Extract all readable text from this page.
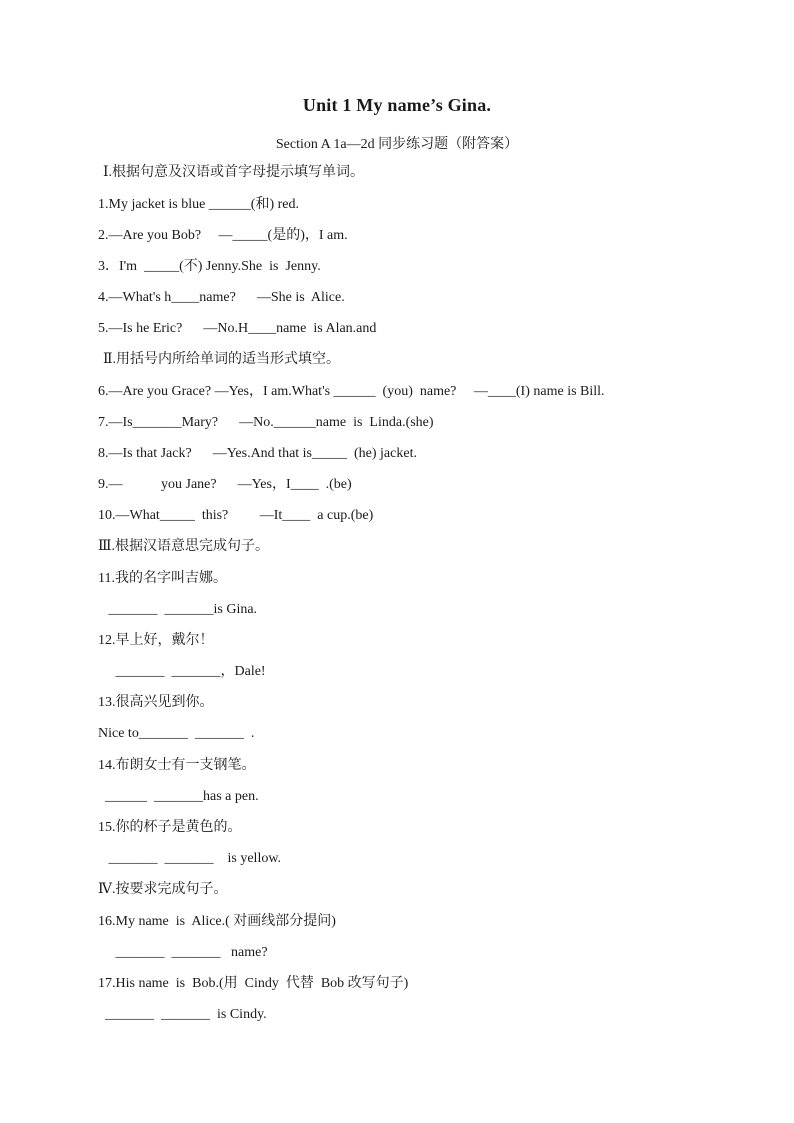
Unit 1 My name’s Gina.
Section A 1a—2d 同步练习题（附答案）
Ⅰ.根据句意及汉语或首字母提示填写单词。
1.My jacket is blue ______(和) red.
2.—Are you Bob?     —_____(是的)，I am.
3．I'm  _____(不) Jenny.She  is  Jenny.
4.—What's h____name?      —She is  Alice.
5.—Is he Eric?      —No.H____name  is Alan.and
Ⅱ.用括号内所给单词的适当形式填空。
6.—Are you Grace? —Yes，I am.What's ______  (you)  name?     —____(I) name is Bill.
7.—Is_______Mary?      —No.______name  is  Linda.(she)
8.—Is that Jack?      —Yes.And that is_____  (he) jacket.
9.—           you Jane?      —Yes，I____  .(be)
10.—What_____  this?         —It____  a cup.(be)
Ⅲ.根据汉语意思完成句子。
11.我的名字叫吉娜。
_______  _______is Gina.
12.早上好，戴尔！
_______  _______，Dale!
13.很高兴见到你。
Nice to_______  _______  .
14.布朗女士有一支钢笔。
______  _______has a pen.
15.你的杯子是黄色的。
_______  _______    is yellow.
Ⅳ.按要求完成句子。
16.My name  is  Alice.( 对画线部分提问)
_______  _______   name?
17.His name  is  Bob.(用  Cindy  代替  Bob 改写句子)
_______  _______  is Cindy.
